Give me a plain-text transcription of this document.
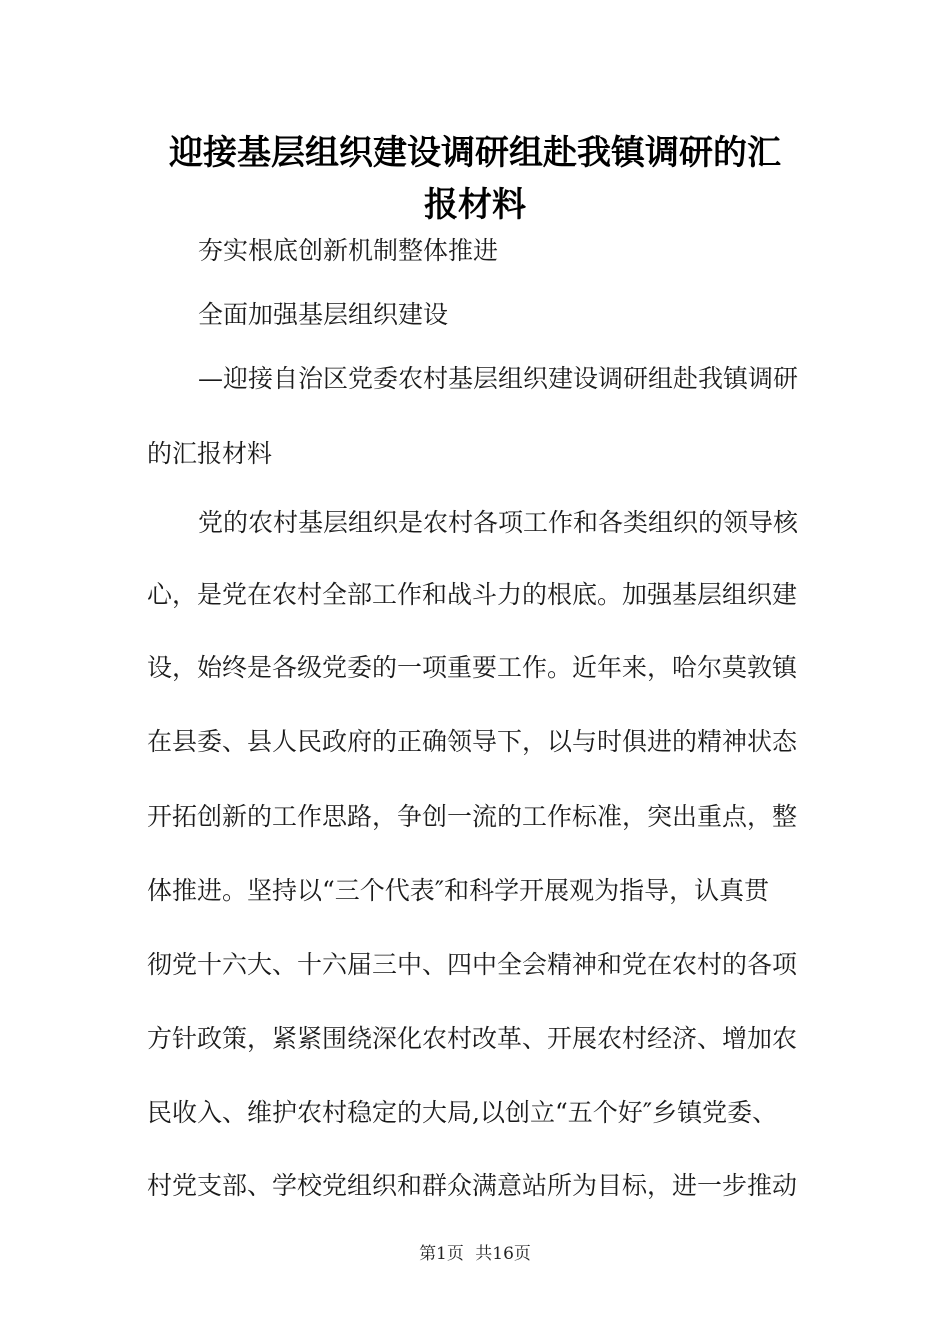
迎接基层组织建设调研组赴我镇调研的汇
报材料
夯实根底创新机制整体推进
全面加强基层组织建设
—迎接自治区党委农村基层组织建设调研组赴我镇调研
的汇报材料
党的农村基层组织是农村各项工作和各类组织的领导核
心，是党在农村全部工作和战斗力的根底。加强基层组织建
设，始终是各级党委的一项重要工作。近年来，哈尔莫敦镇
在县委、县人民政府的正确领导下，以与时俱进的精神状态
开拓创新的工作思路，争创一流的工作标准，突出重点，整
体推进。坚持以“三个代表″和科学开展观为指导，认真贯
彻党十六大、十六届三中、四中全会精神和党在农村的各项
方针政策，紧紧围绕深化农村改革、开展农村经济、增加农
民收入、维护农村稳定的大局,以创立“五个好″乡镇党委、
村党支部、学校党组织和群众满意站所为目标，进一步推动
第1页 共16页
